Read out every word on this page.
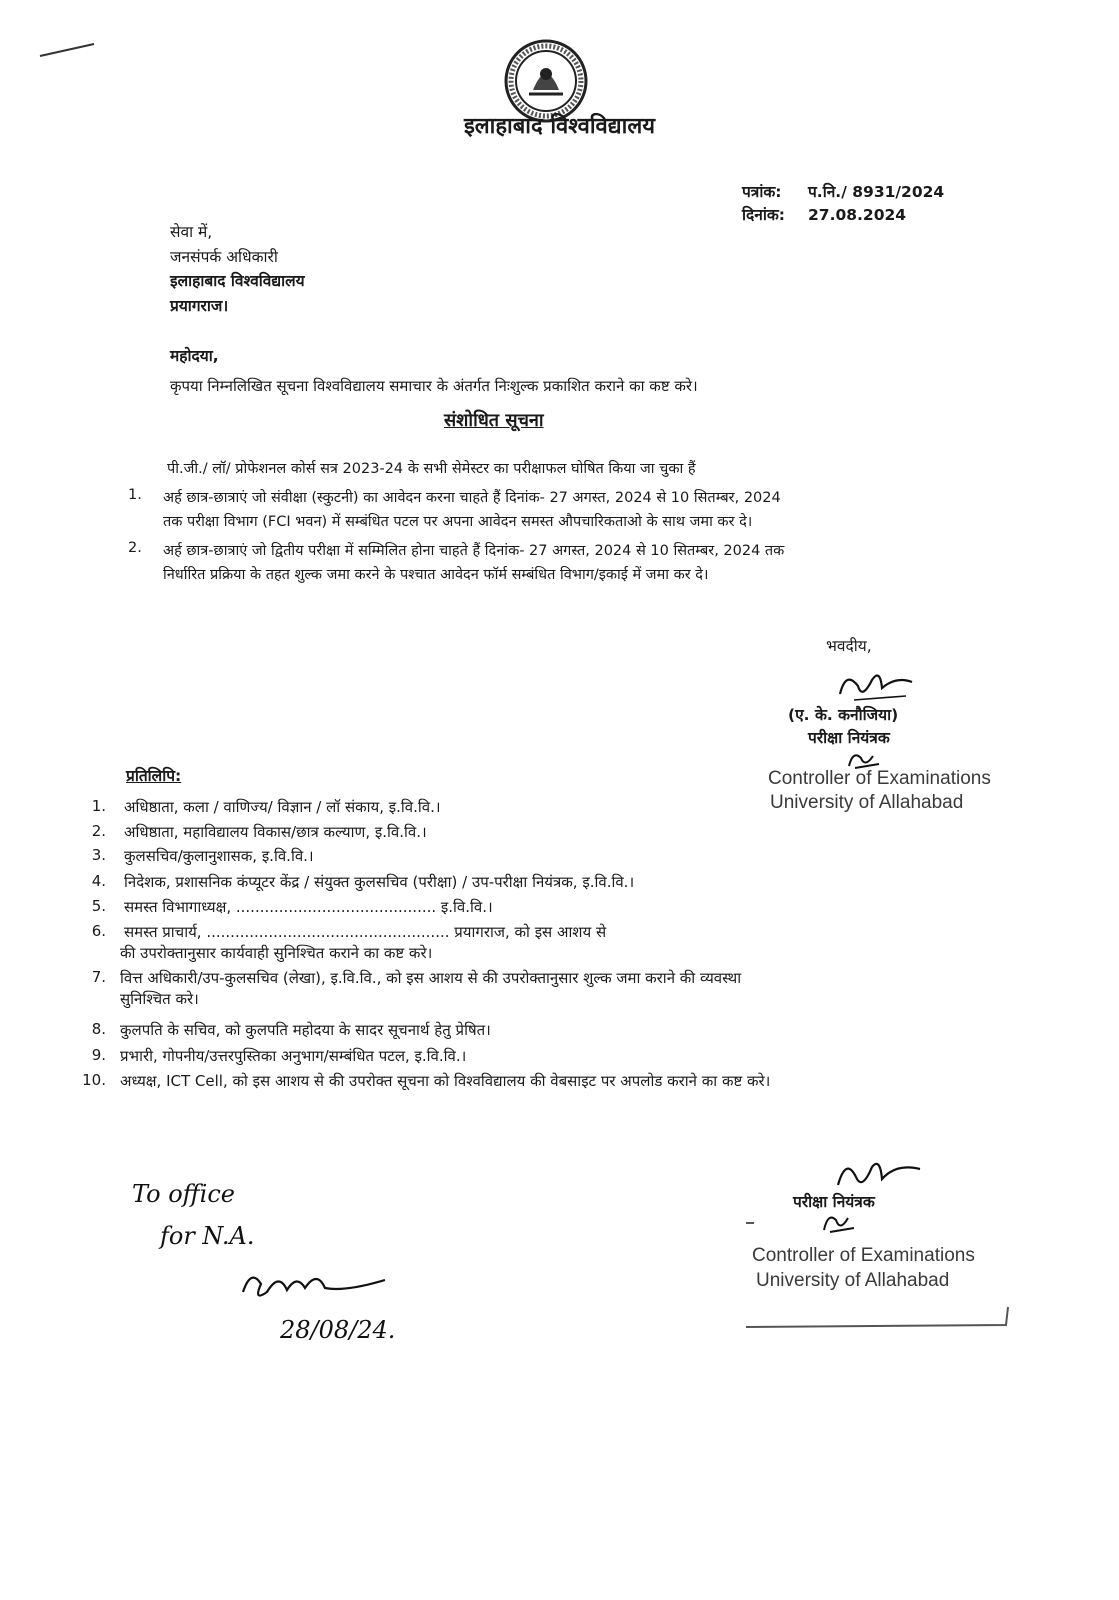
इलाहाबाद विश्वविद्यालय
पत्रांक: प.नि./ 8931/2024
दिनांक: 27.08.2024
सेवा में,
जनसंपर्क अधिकारी
इलाहाबाद विश्वविद्यालय
प्रयागराज।
महोदया,
कृपया निम्नलिखित सूचना विश्वविद्यालय समाचार के अंतर्गत निःशुल्क प्रकाशित कराने का कष्ट करे।
संशोधित सूचना
पी.जी./ लॉ/ प्रोफेशनल कोर्स सत्र 2023-24 के सभी सेमेस्टर का परीक्षाफल घोषित किया जा चुका हैं
1. अर्ह छात्र-छात्राएं जो संवीक्षा (स्कुटनी) का आवेदन करना चाहते हैं दिनांक- 27 अगस्त, 2024 से 10 सितम्बर, 2024
तक परीक्षा विभाग (FCI भवन) में सम्बंधित पटल पर अपना आवेदन समस्त औपचारिकताओ के साथ जमा कर दे।
2. अर्ह छात्र-छात्राएं जो द्वितीय परीक्षा में सम्मिलित होना चाहते हैं दिनांक- 27 अगस्त, 2024 से 10 सितम्बर, 2024 तक
निर्धारित प्रक्रिया के तहत शुल्क जमा करने के पश्चात आवेदन फॉर्म सम्बंधित विभाग/इकाई में जमा कर दे।
भवदीय,
(ए. के. कनौजिया)
परीक्षा नियंत्रक
Controller of Examinations
University of Allahabad
प्रतिलिपि:
1. अधिष्ठाता, कला / वाणिज्य/ विज्ञान / लॉ संकाय, इ.वि.वि.।
2. अधिष्ठाता, महाविद्यालय विकास/छात्र कल्याण, इ.वि.वि.।
3. कुलसचिव/कुलानुशासक, इ.वि.वि.।
4. निदेशक, प्रशासनिक कंप्यूटर केंद्र / संयुक्त कुलसचिव (परीक्षा) / उप-परीक्षा नियंत्रक, इ.वि.वि.।
5. समस्त विभागाध्यक्ष, .......................................... इ.वि.वि.।
6. समस्त प्राचार्य, ................................................... प्रयागराज, को इस आशय से
की उपरोक्तानुसार कार्यवाही सुनिश्चित कराने का कष्ट करे।
7. वित्त अधिकारी/उप-कुलसचिव (लेखा), इ.वि.वि., को इस आशय से की उपरोक्तानुसार शुल्क जमा कराने की व्यवस्था
सुनिश्चित करे।
8. कुलपति के सचिव, को कुलपति महोदया के सादर सूचनार्थ हेतु प्रेषित।
9. प्रभारी, गोपनीय/उत्तरपुस्तिका अनुभाग/सम्बंधित पटल, इ.वि.वि.।
10. अध्यक्ष, ICT Cell, को इस आशय से की उपरोक्त सूचना को विश्वविद्यालय की वेबसाइट पर अपलोड कराने का कष्ट करे।
To office
for N.A.
28/08/24.
परीक्षा नियंत्रक
Controller of Examinations
University of Allahabad
